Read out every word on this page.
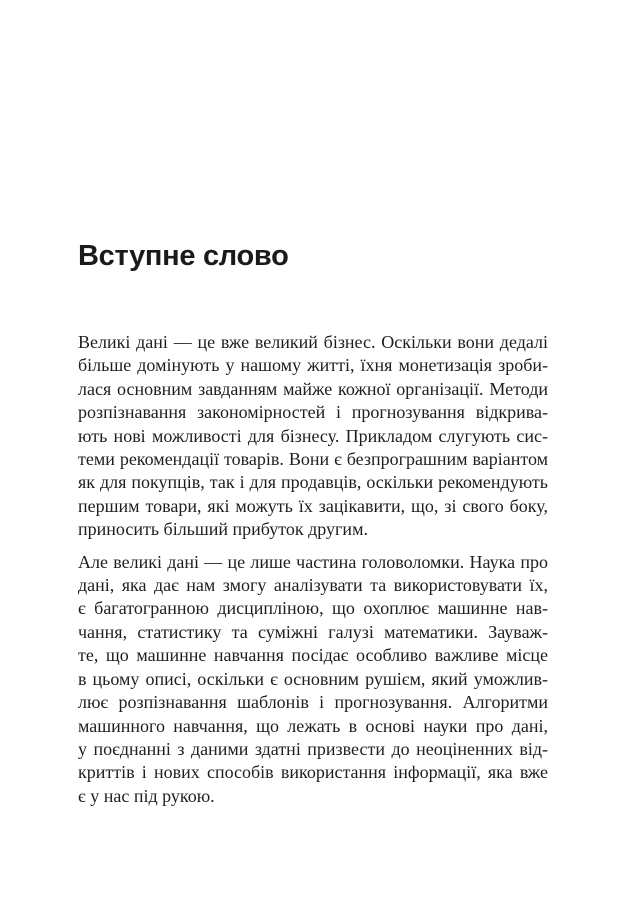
Вступне слово
Великі дані — це вже великий бізнес. Оскільки вони дедалі
більше домінують у нашому житті, їхня монетизація зроби-
лася основним завданням майже кожної організації. Методи
розпізнавання закономірностей і прогнозування відкрива-
ють нові можливості для бізнесу. Прикладом слугують сис-
теми рекомендації товарів. Вони є безпрограшним варіантом
як для покупців, так і для продавців, оскільки рекомендують
першим товари, які можуть їх зацікавити, що, зі свого боку,
приносить більший прибуток другим.
Але великі дані — це лише частина головоломки. Наука про
дані, яка дає нам змогу аналізувати та використовувати їх,
є багатогранною дисципліною, що охоплює машинне нав-
чання, статистику та суміжні галузі математики. Зауваж-
те, що машинне навчання посідає особливо важливе місце
в цьому описі, оскільки є основним рушієм, який уможлив-
лює розпізнавання шаблонів і прогнозування. Алгоритми
машинного навчання, що лежать в основі науки про дані,
у поєднанні з даними здатні призвести до неоціненних від-
криттів і нових способів використання інформації, яка вже
є у нас під рукою.
